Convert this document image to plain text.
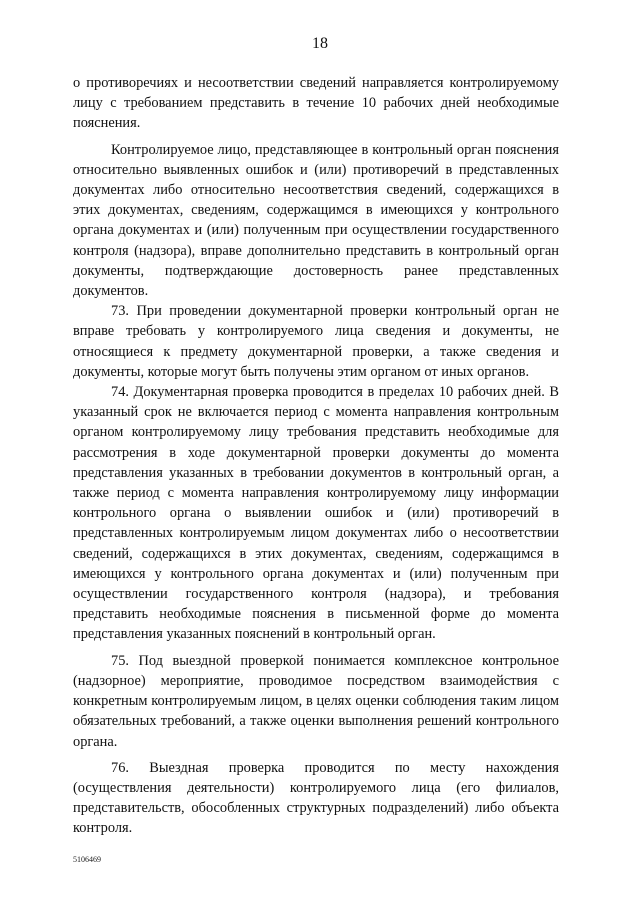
18

о противоречиях и несоответствии сведений направляется контролируемому лицу с требованием представить в течение 10 рабочих дней необходимые пояснения.

Контролируемое лицо, представляющее в контрольный орган пояснения относительно выявленных ошибок и (или) противоречий в представленных документах либо относительно несоответствия сведений, содержащихся в этих документах, сведениям, содержащимся в имеющихся у контрольного органа документах и (или) полученным при осуществлении государственного контроля (надзора), вправе дополнительно представить в контрольный орган документы, подтверждающие достоверность ранее представленных документов.

73. При проведении документарной проверки контрольный орган не вправе требовать у контролируемого лица сведения и документы, не относящиеся к предмету документарной проверки, а также сведения и документы, которые могут быть получены этим органом от иных органов.

74. Документарная проверка проводится в пределах 10 рабочих дней. В указанный срок не включается период с момента направления контрольным органом контролируемому лицу требования представить необходимые для рассмотрения в ходе документарной проверки документы до момента представления указанных в требовании документов в контрольный орган, а также период с момента направления контролируемому лицу информации контрольного органа о выявлении ошибок и (или) противоречий в представленных контролируемым лицом документах либо о несоответствии сведений, содержащихся в этих документах, сведениям, содержащимся в имеющихся у контрольного органа документах и (или) полученным при осуществлении государственного контроля (надзора), и требования представить необходимые пояснения в письменной форме до момента представления указанных пояснений в контрольный орган.

75. Под выездной проверкой понимается комплексное контрольное (надзорное) мероприятие, проводимое посредством взаимодействия с конкретным контролируемым лицом, в целях оценки соблюдения таким лицом обязательных требований, а также оценки выполнения решений контрольного органа.

76. Выездная проверка проводится по месту нахождения (осуществления деятельности) контролируемого лица (его филиалов, представительств, обособленных структурных подразделений) либо объекта контроля.

5106469
